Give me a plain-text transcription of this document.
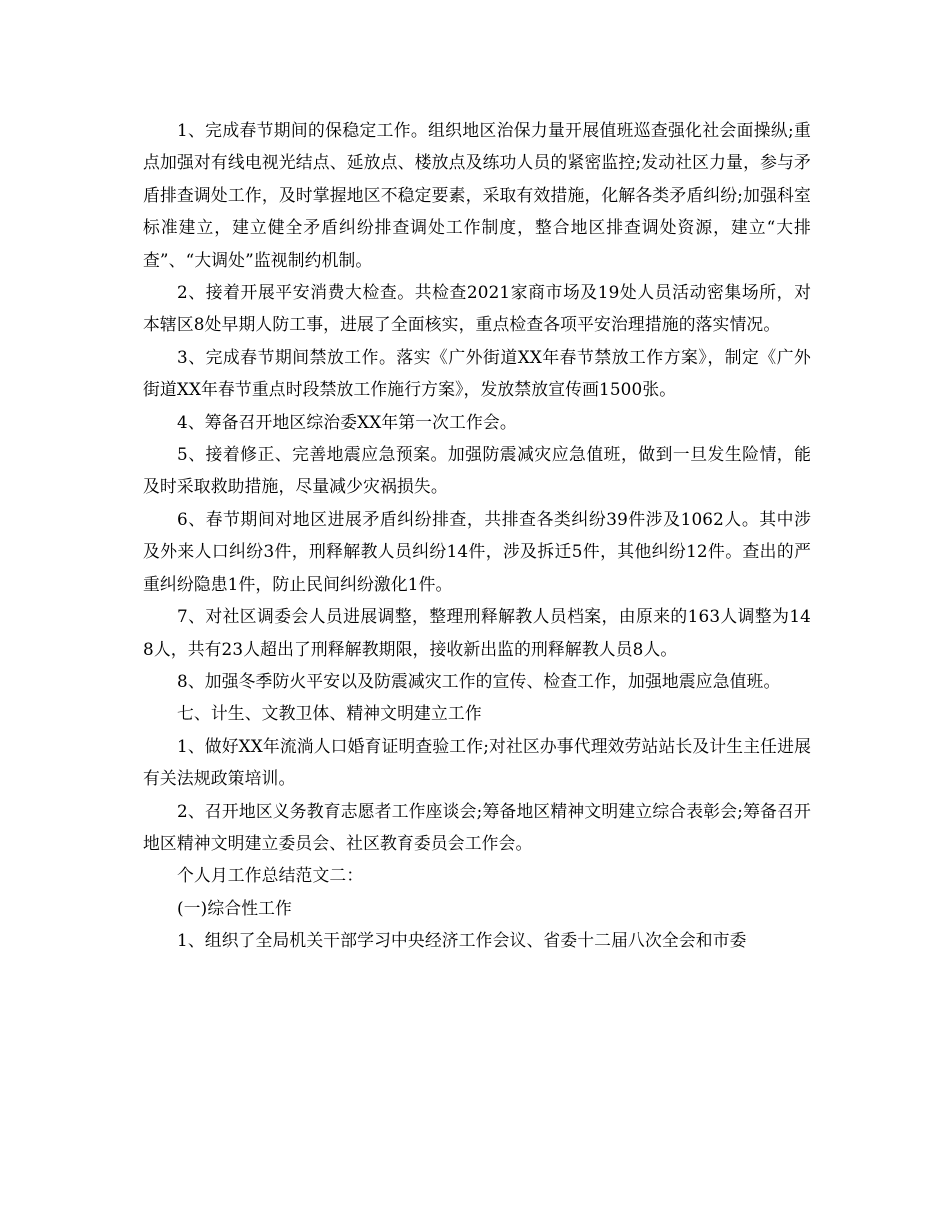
1、完成春节期间的保稳定工作。组织地区治保力量开展值班巡查强化社会面操纵;重点加强对有线电视光结点、延放点、楼放点及练功人员的紧密监控;发动社区力量，参与矛盾排查调处工作，及时掌握地区不稳定要素，采取有效措施，化解各类矛盾纠纷;加强科室标准建立，建立健全矛盾纠纷排查调处工作制度，整合地区排查调处资源，建立“大排查”、“大调处”监视制约机制。

2、接着开展平安消费大检查。共检查2021家商市场及19处人员活动密集场所，对本辖区8处早期人防工事，进展了全面核实，重点检查各项平安治理措施的落实情况。

3、完成春节期间禁放工作。落实《广外街道XX年春节禁放工作方案》，制定《广外街道XX年春节重点时段禁放工作施行方案》，发放禁放宣传画1500张。

4、筹备召开地区综治委XX年第一次工作会。

5、接着修正、完善地震应急预案。加强防震减灾应急值班，做到一旦发生险情，能及时采取救助措施，尽量减少灾祸损失。

6、春节期间对地区进展矛盾纠纷排查，共排查各类纠纷39件涉及1062人。其中涉及外来人口纠纷3件，刑释解教人员纠纷14件，涉及拆迁5件，其他纠纷12件。查出的严重纠纷隐患1件，防止民间纠纷激化1件。

7、对社区调委会人员进展调整，整理刑释解教人员档案，由原来的163人调整为148人，共有23人超出了刑释解教期限，接收新出监的刑释解教人员8人。

8、加强冬季防火平安以及防震减灾工作的宣传、检查工作，加强地震应急值班。

七、计生、文教卫体、精神文明建立工作

1、做好XX年流淌人口婚育证明查验工作;对社区办事代理效劳站站长及计生主任进展有关法规政策培训。

2、召开地区义务教育志愿者工作座谈会;筹备地区精神文明建立综合表彰会;筹备召开地区精神文明建立委员会、社区教育委员会工作会。

个人月工作总结范文二：

(一)综合性工作

1、组织了全局机关干部学习中央经济工作会议、省委十二届八次全会和市委
